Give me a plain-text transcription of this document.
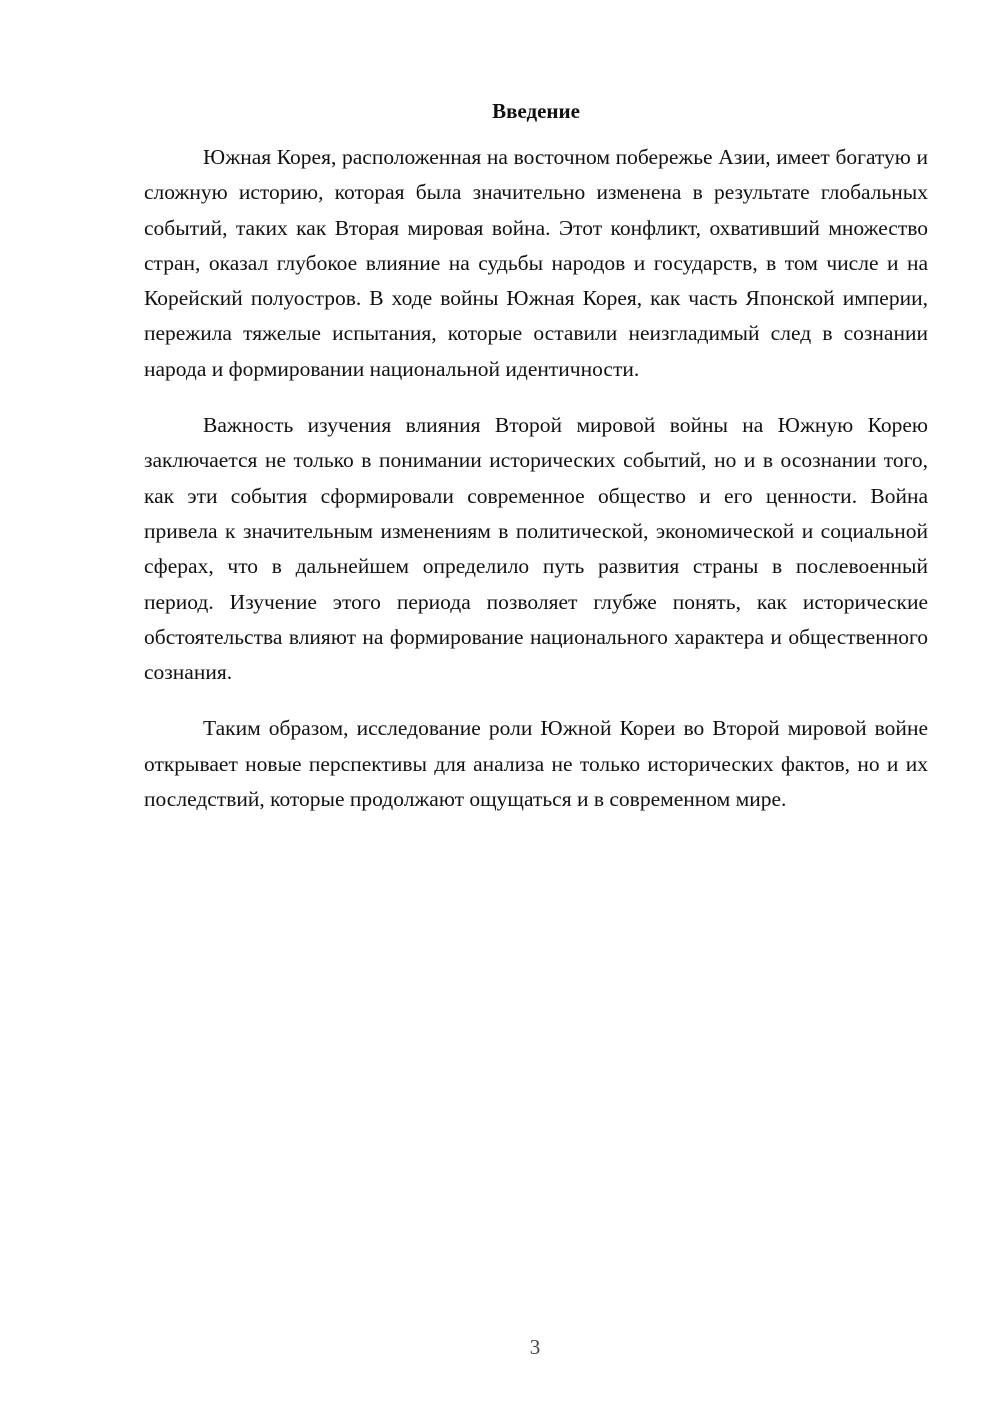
Введение

Южная Корея, расположенная на восточном побережье Азии, имеет богатую и сложную историю, которая была значительно изменена в результате глобальных событий, таких как Вторая мировая война. Этот конфликт, охвативший множество стран, оказал глубокое влияние на судьбы народов и государств, в том числе и на Корейский полуостров. В ходе войны Южная Корея, как часть Японской империи, пережила тяжелые испытания, которые оставили неизгладимый след в сознании народа и формировании национальной идентичности.

Важность изучения влияния Второй мировой войны на Южную Корею заключается не только в понимании исторических событий, но и в осознании того, как эти события сформировали современное общество и его ценности. Война привела к значительным изменениям в политической, экономической и социальной сферах, что в дальнейшем определило путь развития страны в послевоенный период. Изучение этого периода позволяет глубже понять, как исторические обстоятельства влияют на формирование национального характера и общественного сознания.

Таким образом, исследование роли Южной Кореи во Второй мировой войне открывает новые перспективы для анализа не только исторических фактов, но и их последствий, которые продолжают ощущаться и в современном мире.

3
